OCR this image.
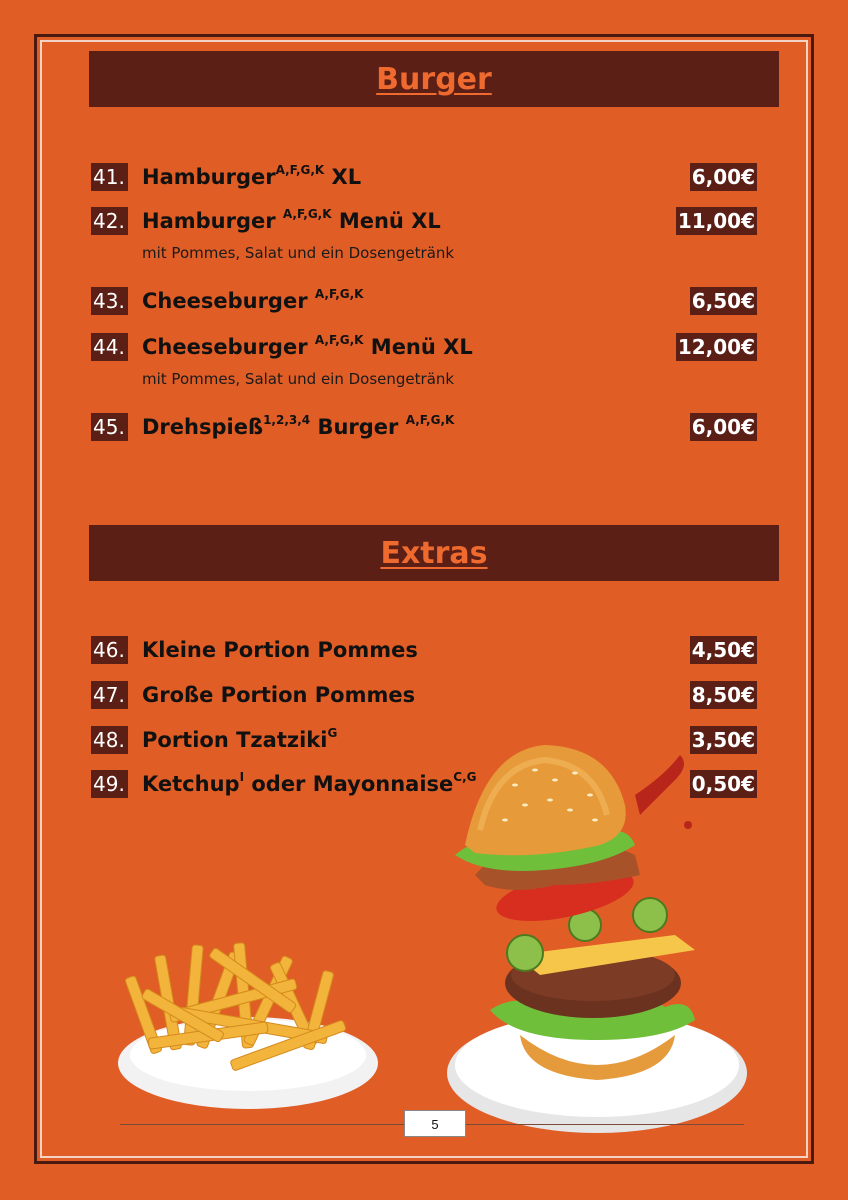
Burger
41. Hamburger$^{A,F,G,K}$ XL	6,00€
42. Hamburger $^{A,F,G,K}$ Menü XL	11,00€
mit Pommes, Salat und ein Dosengetränk
43. Cheeseburger $^{A,F,G,K}$	6,50€
44. Cheeseburger $^{A,F,G,K}$ Menü XL	12,00€
mit Pommes, Salat und ein Dosengetränk
45. Drehspieß$^{1,2,3,4}$ Burger $^{A,F,G,K}$	6,00€
Extras
46. Kleine Portion Pommes	4,50€
47. Große Portion Pommes	8,50€
48. Portion Tzatziki$^G$	3,50€
49. Ketchup$^I$ oder Mayonnaise$^{C,G}$	0,50€
5
